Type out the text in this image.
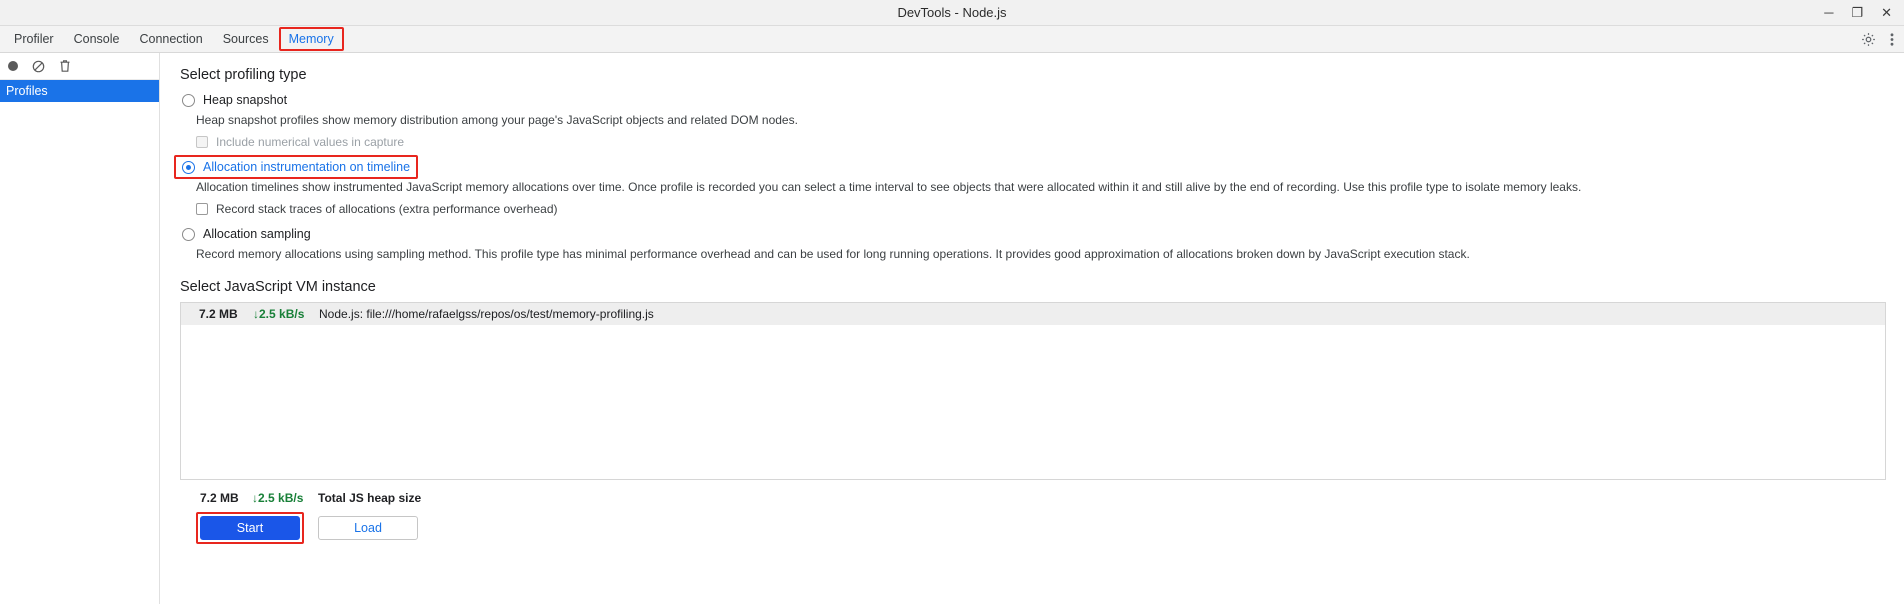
DevTools - Node.js	─ ❐ ✕
Profiler Console Connection Sources Memory
Profiles
Select profiling type
Heap snapshot
Heap snapshot profiles show memory distribution among your page's JavaScript objects and related DOM nodes.
Include numerical values in capture
Allocation instrumentation on timeline
Allocation timelines show instrumented JavaScript memory allocations over time. Once profile is recorded you can select a time interval to see objects that were allocated within it and still alive by the end of recording. Use this profile type to isolate memory leaks.
Record stack traces of allocations (extra performance overhead)
Allocation sampling
Record memory allocations using sampling method. This profile type has minimal performance overhead and can be used for long running operations. It provides good approximation of allocations broken down by JavaScript execution stack.
Select JavaScript VM instance
7.2 MB	↓2.5 kB/s	Node.js: file:///home/rafaelgss/repos/os/test/memory-profiling.js
7.2 MB	↓2.5 kB/s	Total JS heap size
Start	Load
